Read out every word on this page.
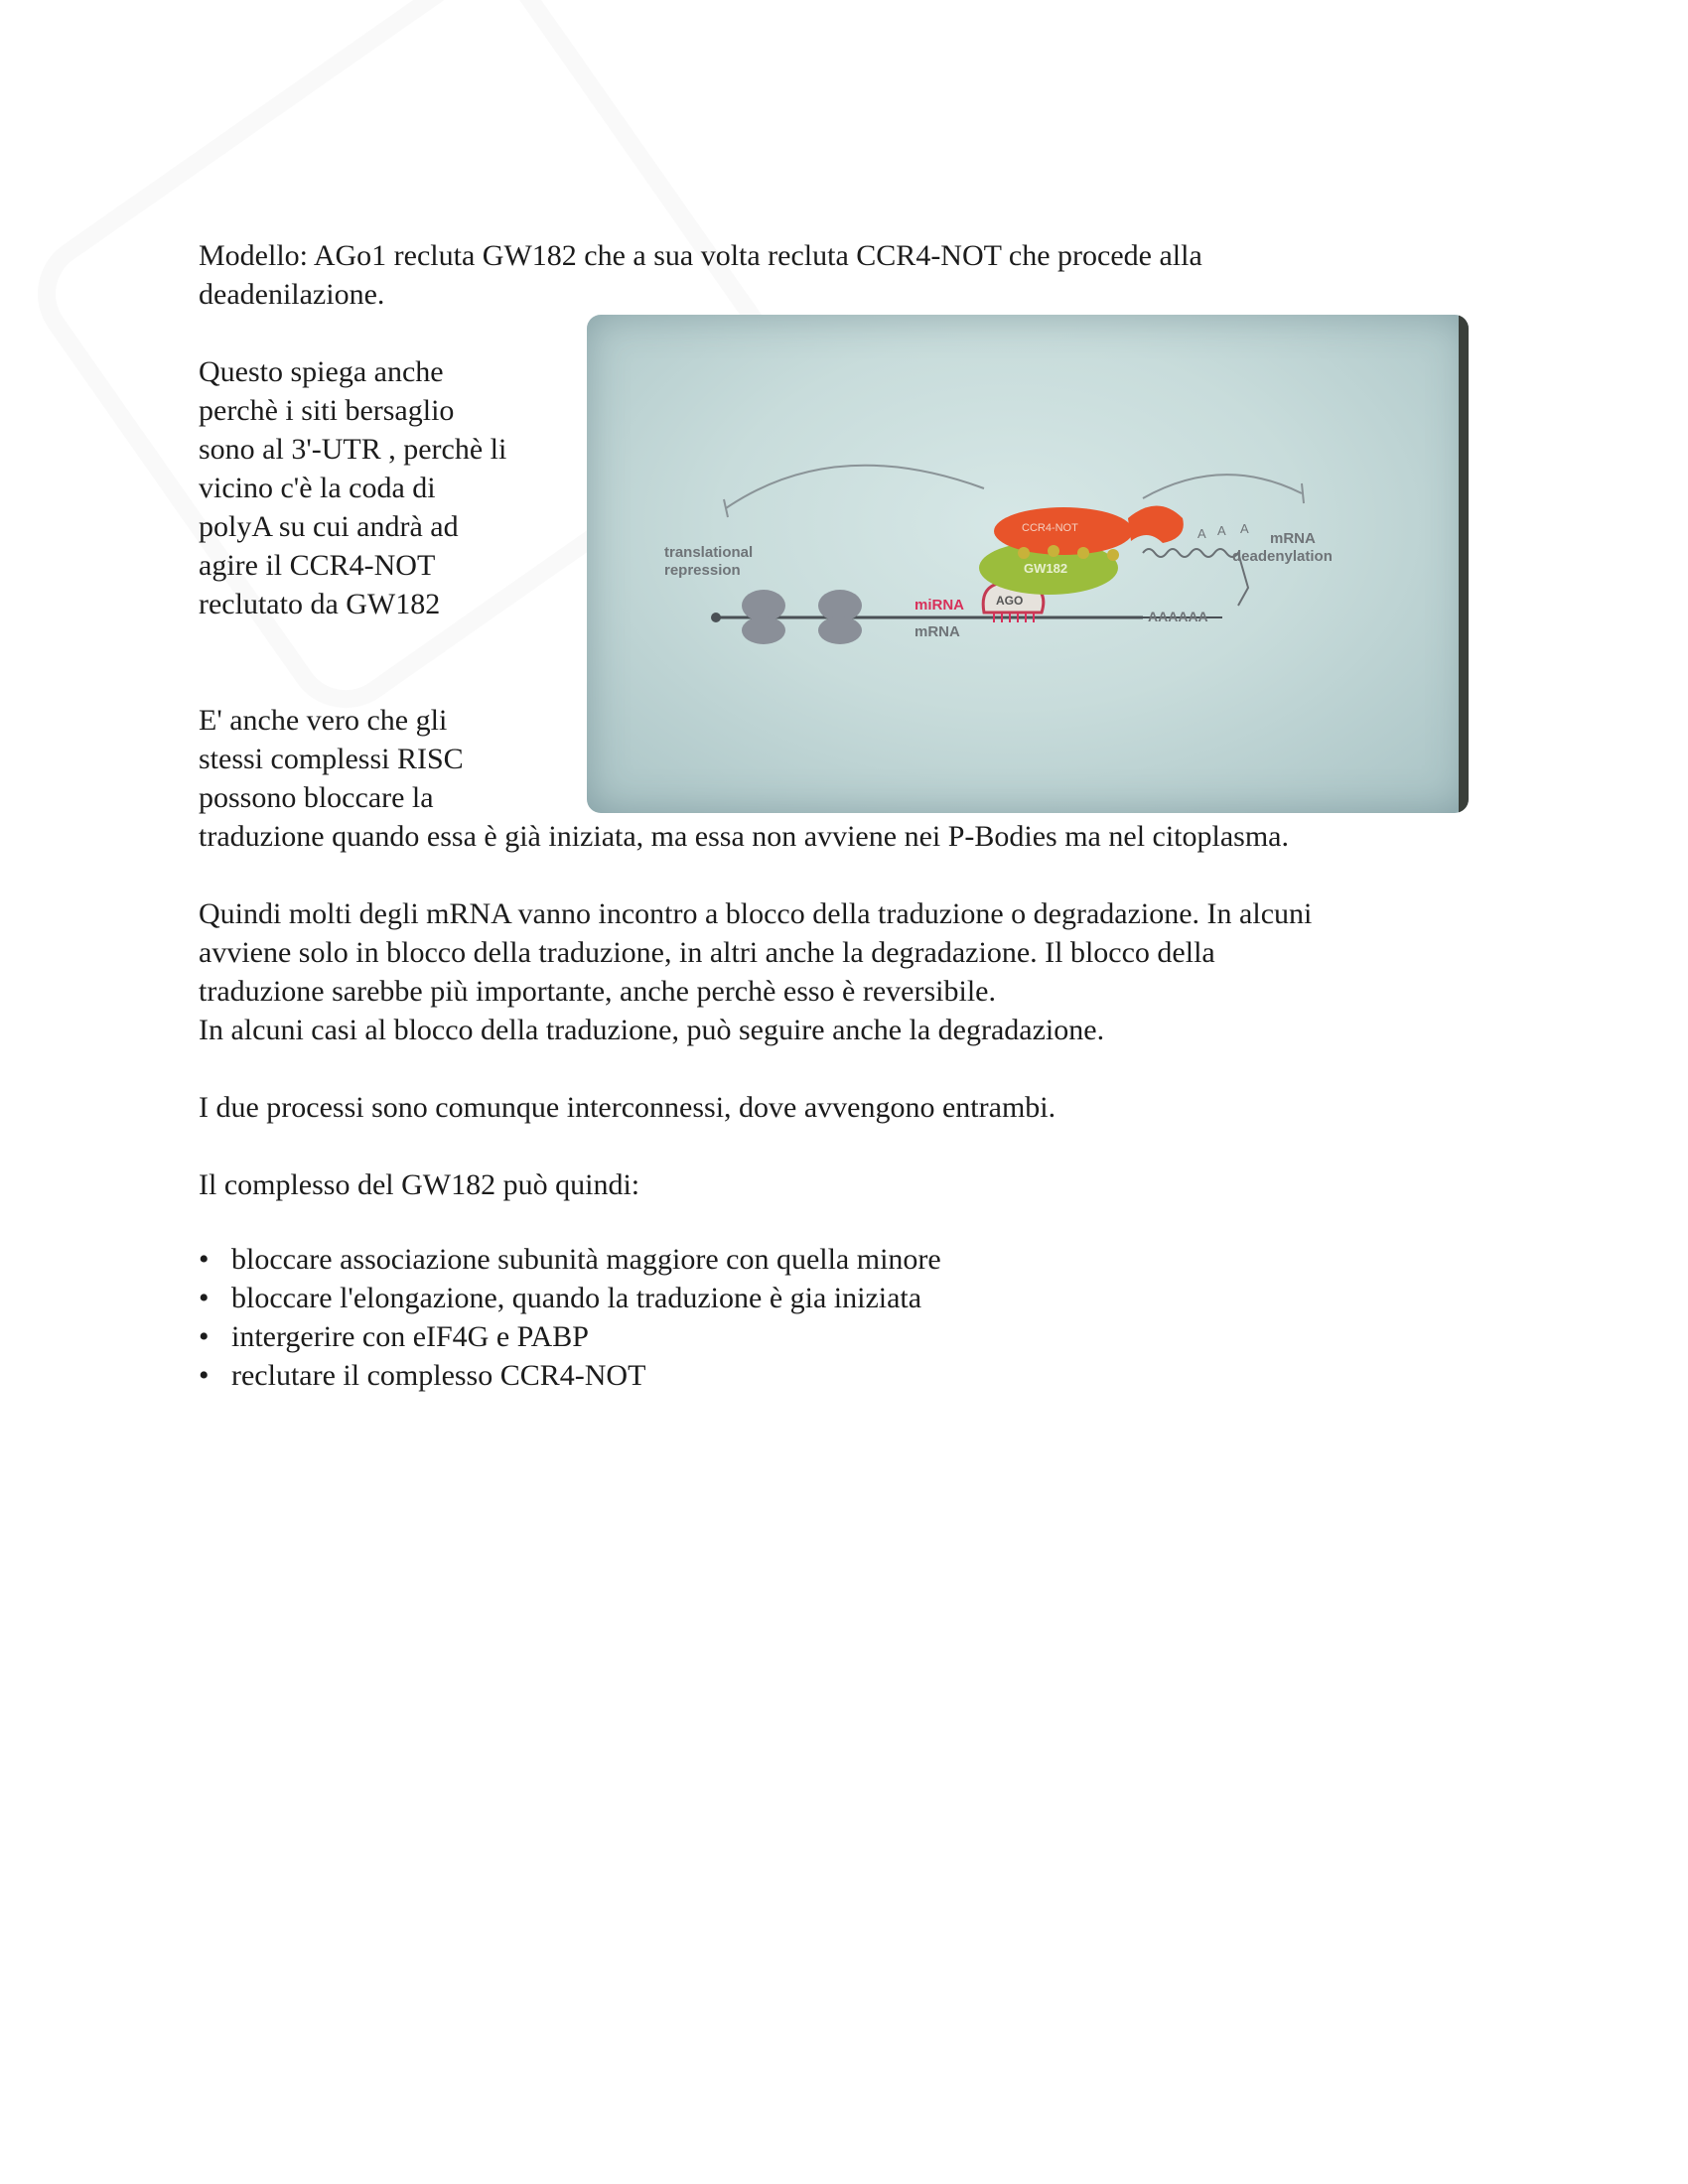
Modello: AGo1 recluta GW182 che a sua volta recluta CCR4-NOT che procede alla
deadenilazione.
Questo spiega anche
perchè i siti bersaglio
sono al 3'-UTR , perchè li
vicino c'è la coda di
polyA su cui andrà ad
agire il CCR4-NOT
reclutato da GW182
E' anche vero che gli
stessi complessi RISC
possono bloccare la
traduzione quando essa è già iniziata, ma essa non avviene nei P-Bodies ma nel citoplasma.
Quindi molti degli mRNA vanno incontro a blocco della traduzione o degradazione. In alcuni
avviene solo in blocco della traduzione, in altri anche la degradazione. Il blocco della
traduzione sarebbe più importante, anche perchè esso è reversibile.
In alcuni casi al blocco della traduzione, può seguire anche la degradazione.
I due processi sono comunque interconnessi, dove avvengono entrambi.
Il complesso del GW182 può quindi:
• bloccare associazione subunità maggiore con quella minore
• bloccare l'elongazione, quando la traduzione è gia iniziata
• intergerire con eIF4G e PABP
• reclutare il complesso CCR4-NOT
translational
repression
mRNA
deadenylation
CCR4-NOT
GW182
miRNA	AGO
mRNA
AAAAAA
A A A
